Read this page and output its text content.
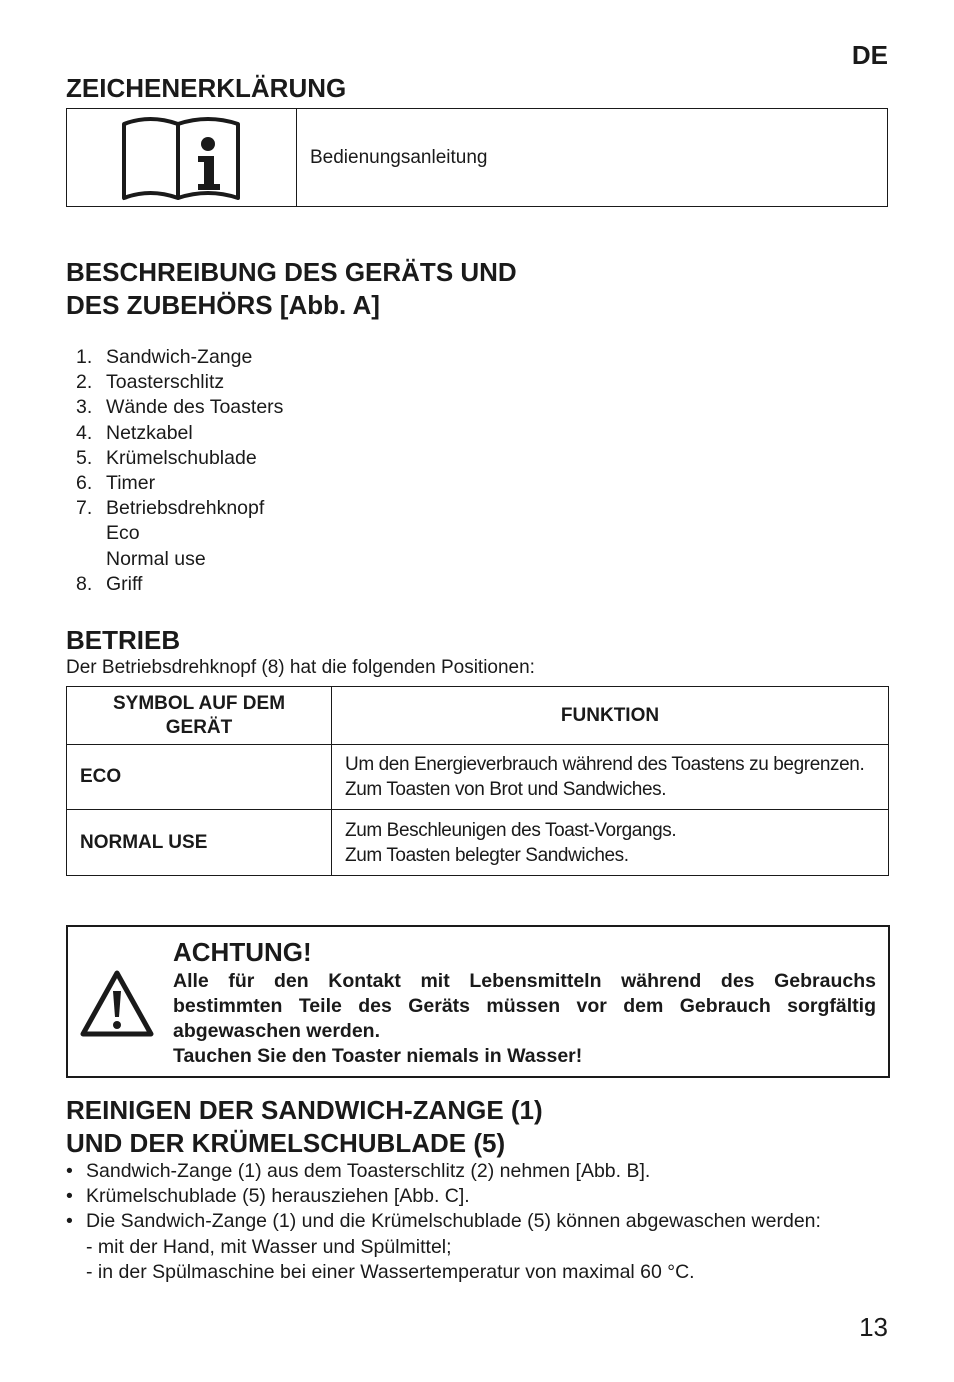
DE
ZEICHENERKLÄRUNG
Bedienungsanleitung
BESCHREIBUNG DES GERÄTS UND
DES ZUBEHÖRS [Abb. A]
1. Sandwich-Zange
2. Toasterschlitz
3. Wände des Toasters
4. Netzkabel
5. Krümelschublade
6. Timer
7. Betriebsdrehknopf
Eco
Normal use
8. Griff
BETRIEB
Der Betriebsdrehknopf (8) hat die folgenden Positionen:
SYMBOL AUF DEM
GERÄT	FUNKTION
ECO	Um den Energieverbrauch während des Toastens zu begrenzen.
Zum Toasten von Brot und Sandwiches.

NORMAL USE	Zum Beschleunigen des Toast-Vorgangs.
Zum Toasten belegter Sandwiches.
ACHTUNG!

Alle für den Kontakt mit Lebensmitteln während des Gebrauchs bestimmten Teile des Geräts müssen vor dem Gebrauch sorgfältig abgewaschen werden.

Tauchen Sie den Toaster niemals in Wasser!

REINIGEN DER SANDWICH-ZANGE (1)
UND DER KRÜMELSCHUBLADE (5)
• Sandwich-Zange (1) aus dem Toasterschlitz (2) nehmen [Abb. B].
• Krümelschublade (5) herausziehen [Abb. C].
• Die Sandwich-Zange (1) und die Krümelschublade (5) können abgewaschen werden:
- mit der Hand, mit Wasser und Spülmittel;
- in der Spülmaschine bei einer Wassertemperatur von maximal 60 °C.
13
